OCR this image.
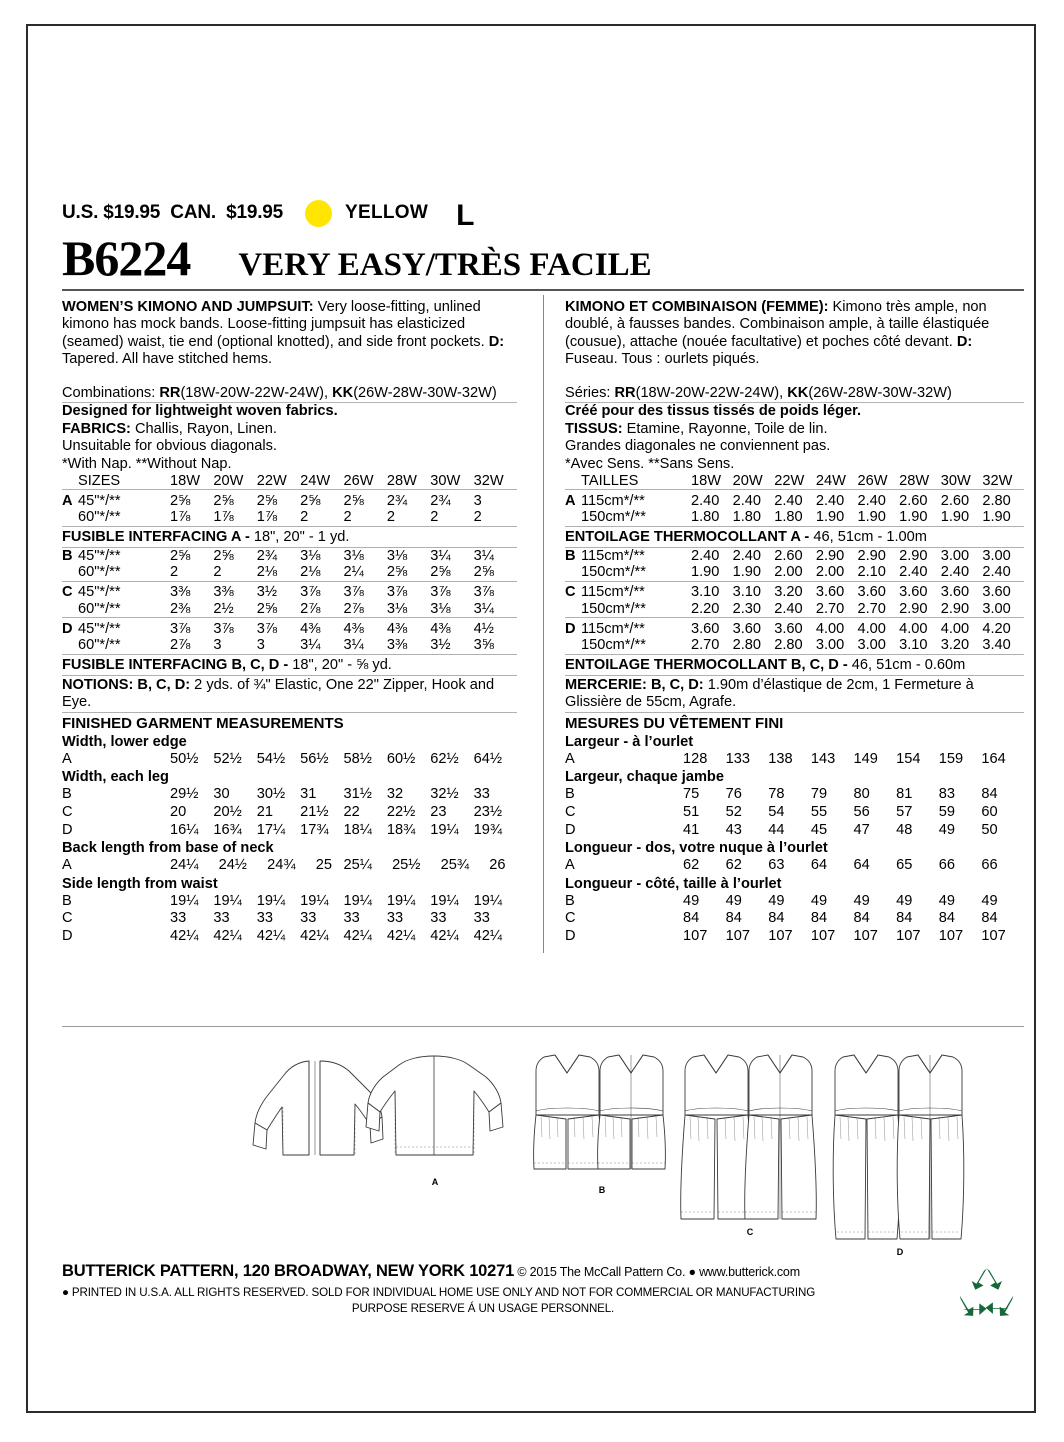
U.S. $19.95  CAN.  $19.95	YELLOW L
B6224 VERY EASY/TRÈS FACILE

WOMEN’S KIMONO AND JUMPSUIT: Very loose-fitting, unlined kimono has mock bands. Loose-fitting jumpsuit has elasticized (seamed) waist, tie end (optional knotted), and side front pockets. D: Tapered. All have stitched hems.

Combinations: RR(18W-20W-22W-24W), KK(26W-28W-30W-32W)
Designed for lightweight woven fabrics.
FABRICS: Challis, Rayon, Linen.
Unsuitable for obvious diagonals.
*With Nap. **Without Nap.
	SIZES	18W	20W	22W	24W	26W	28W	30W	32W

A	45"*/**	2⅝	2⅝	2⅝	2⅝	2⅝	2¾	2¾	3
	60"*/**	1⅞	1⅞	1⅞	2	2	2	2	2
FUSIBLE INTERFACING A - 18", 20" - 1 yd.
B	45"*/**	2⅝	2⅝	2¾	3⅛	3⅛	3⅛	3¼	3¼
	60"*/**	2	2	2⅛	2⅛	2¼	2⅝	2⅝	2⅝

C	45"*/**	3⅜	3⅜	3½	3⅞	3⅞	3⅞	3⅞	3⅞
	60"*/**	2⅜	2½	2⅝	2⅞	2⅞	3⅛	3⅛	3¼

D	45"*/**	3⅞	3⅞	3⅞	4⅜	4⅜	4⅜	4⅜	4½
	60"*/**	2⅞	3	3	3¼	3¼	3⅜	3½	3⅝
FUSIBLE INTERFACING B, C, D - 18", 20" - ⅝ yd.
NOTIONS: B, C, D: 2 yds. of ¾" Elastic, One 22" Zipper, Hook and Eye.
FINISHED GARMENT MEASUREMENTS
Width, lower edge
A	50½	52½	54½	56½	58½	60½	62½	64½
Width, each leg
B	29½	30	30½	31	31½	32	32½	33
C	20	20½	21	21½	22	22½	23	23½
D	16¼	16¾	17¼	17¾	18¼	18¾	19¼	19¾
Back length from base of neck
A	24¼	24½	24¾	25	25¼	25½	25¾	26
Side length from waist
B	19¼	19¼	19¼	19¼	19¼	19¼	19¼	19¼
C	33	33	33	33	33	33	33	33
D	42¼	42¼	42¼	42¼	42¼	42¼	42¼	42¼

KIMONO ET COMBINAISON (FEMME): Kimono très ample, non doublé, à fausses bandes. Combinaison ample, à taille élastiquée (cousue), attache (nouée facultative) et poches côté devant. D: Fuseau. Tous : ourlets piqués.

Séries: RR(18W-20W-22W-24W), KK(26W-28W-30W-32W)
Créé pour des tissus tissés de poids léger.
TISSUS: Etamine, Rayonne, Toile de lin.
Grandes diagonales ne conviennent pas.
*Avec Sens. **Sans Sens.
	TAILLES	18W	20W	22W	24W	26W	28W	30W	32W

A	115cm*/**	2.40	2.40	2.40	2.40	2.40	2.60	2.60	2.80
	150cm*/**	1.80	1.80	1.80	1.90	1.90	1.90	1.90	1.90
ENTOILAGE THERMOCOLLANT A - 46, 51cm - 1.00m
B	115cm*/**	2.40	2.40	2.60	2.90	2.90	2.90	3.00	3.00
	150cm*/**	1.90	1.90	2.00	2.00	2.10	2.40	2.40	2.40

C	115cm*/**	3.10	3.10	3.20	3.60	3.60	3.60	3.60	3.60
	150cm*/**	2.20	2.30	2.40	2.70	2.70	2.90	2.90	3.00

D	115cm*/**	3.60	3.60	3.60	4.00	4.00	4.00	4.00	4.20
	150cm*/**	2.70	2.80	2.80	3.00	3.00	3.10	3.20	3.40
ENTOILAGE THERMOCOLLANT B, C, D - 46, 51cm - 0.60m
MERCERIE: B, C, D: 1.90m d’élastique de 2cm, 1 Fermeture à Glissière de 55cm, Agrafe.
MESURES DU VÊTEMENT FINI
Largeur - à l’ourlet
A	128	133	138	143	149	154	159	164
Largeur, chaque jambe
B	75	76	78	79	80	81	83	84
C	51	52	54	55	56	57	59	60
D	41	43	44	45	47	48	49	50
Longueur - dos, votre nuque à l’ourlet
A	62	62	63	64	64	65	66	66
Longueur - côté, taille à l’ourlet
B	49	49	49	49	49	49	49	49
C	84	84	84	84	84	84	84	84
D	107	107	107	107	107	107	107	107
A
B
C
D
BUTTERICK PATTERN, 120 BROADWAY, NEW YORK 10271 © 2015 The McCall Pattern Co. ● www.butterick.com
● PRINTED IN U.S.A. ALL RIGHTS RESERVED. SOLD FOR INDIVIDUAL HOME USE ONLY AND NOT FOR COMMERCIAL OR MANUFACTURING
PURPOSE RESERVE Á UN USAGE PERSONNEL.
